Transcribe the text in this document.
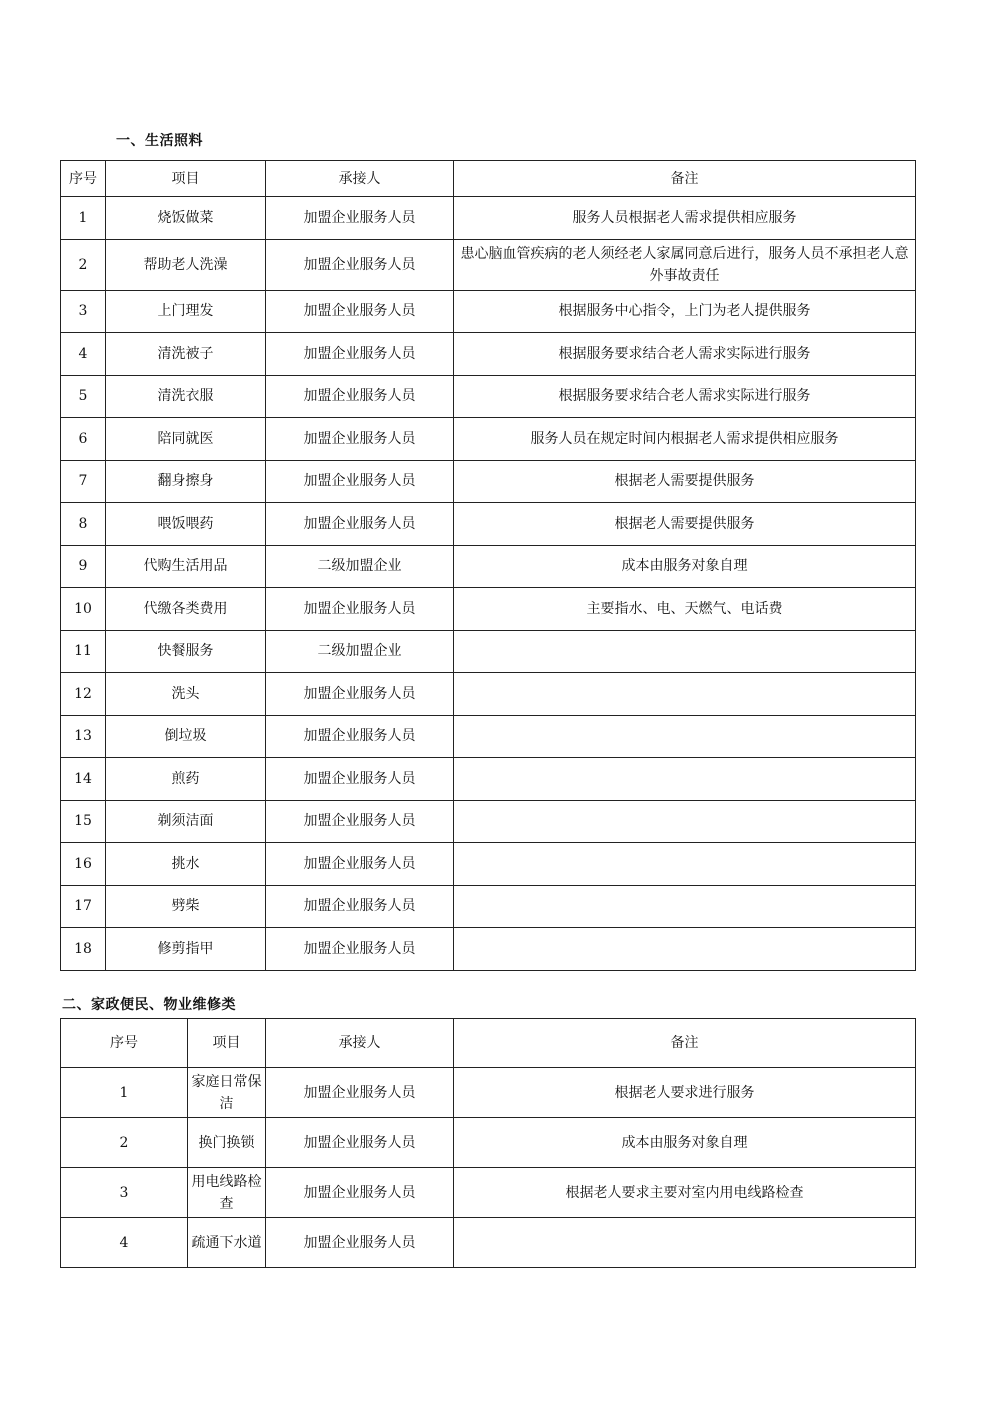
一、生活照料
序号	项目	承接人	备注
1	烧饭做菜	加盟企业服务人员	服务人员根据老人需求提供相应服务
2	帮助老人洗澡	加盟企业服务人员	患心脑血管疾病的老人须经老人家属同意后进行，服务人员不承担老人意外事故责任
3	上门理发	加盟企业服务人员	根据服务中心指令，上门为老人提供服务
4	清洗被子	加盟企业服务人员	根据服务要求结合老人需求实际进行服务
5	清洗衣服	加盟企业服务人员	根据服务要求结合老人需求实际进行服务
6	陪同就医	加盟企业服务人员	服务人员在规定时间内根据老人需求提供相应服务
7	翻身擦身	加盟企业服务人员	根据老人需要提供服务
8	喂饭喂药	加盟企业服务人员	根据老人需要提供服务
9	代购生活用品	二级加盟企业	成本由服务对象自理
10	代缴各类费用	加盟企业服务人员	主要指水、电、天燃气、电话费
11	快餐服务	二级加盟企业	
12	洗头	加盟企业服务人员	
13	倒垃圾	加盟企业服务人员	
14	煎药	加盟企业服务人员	
15	剃须洁面	加盟企业服务人员	
16	挑水	加盟企业服务人员	
17	劈柴	加盟企业服务人员	
18	修剪指甲	加盟企业服务人员	
二、家政便民、物业维修类
序号	项目	承接人	备注
1	家庭日常保洁	加盟企业服务人员	根据老人要求进行服务
2	换门换锁	加盟企业服务人员	成本由服务对象自理
3	用电线路检查	加盟企业服务人员	根据老人要求主要对室内用电线路检查
4	疏通下水道	加盟企业服务人员	
